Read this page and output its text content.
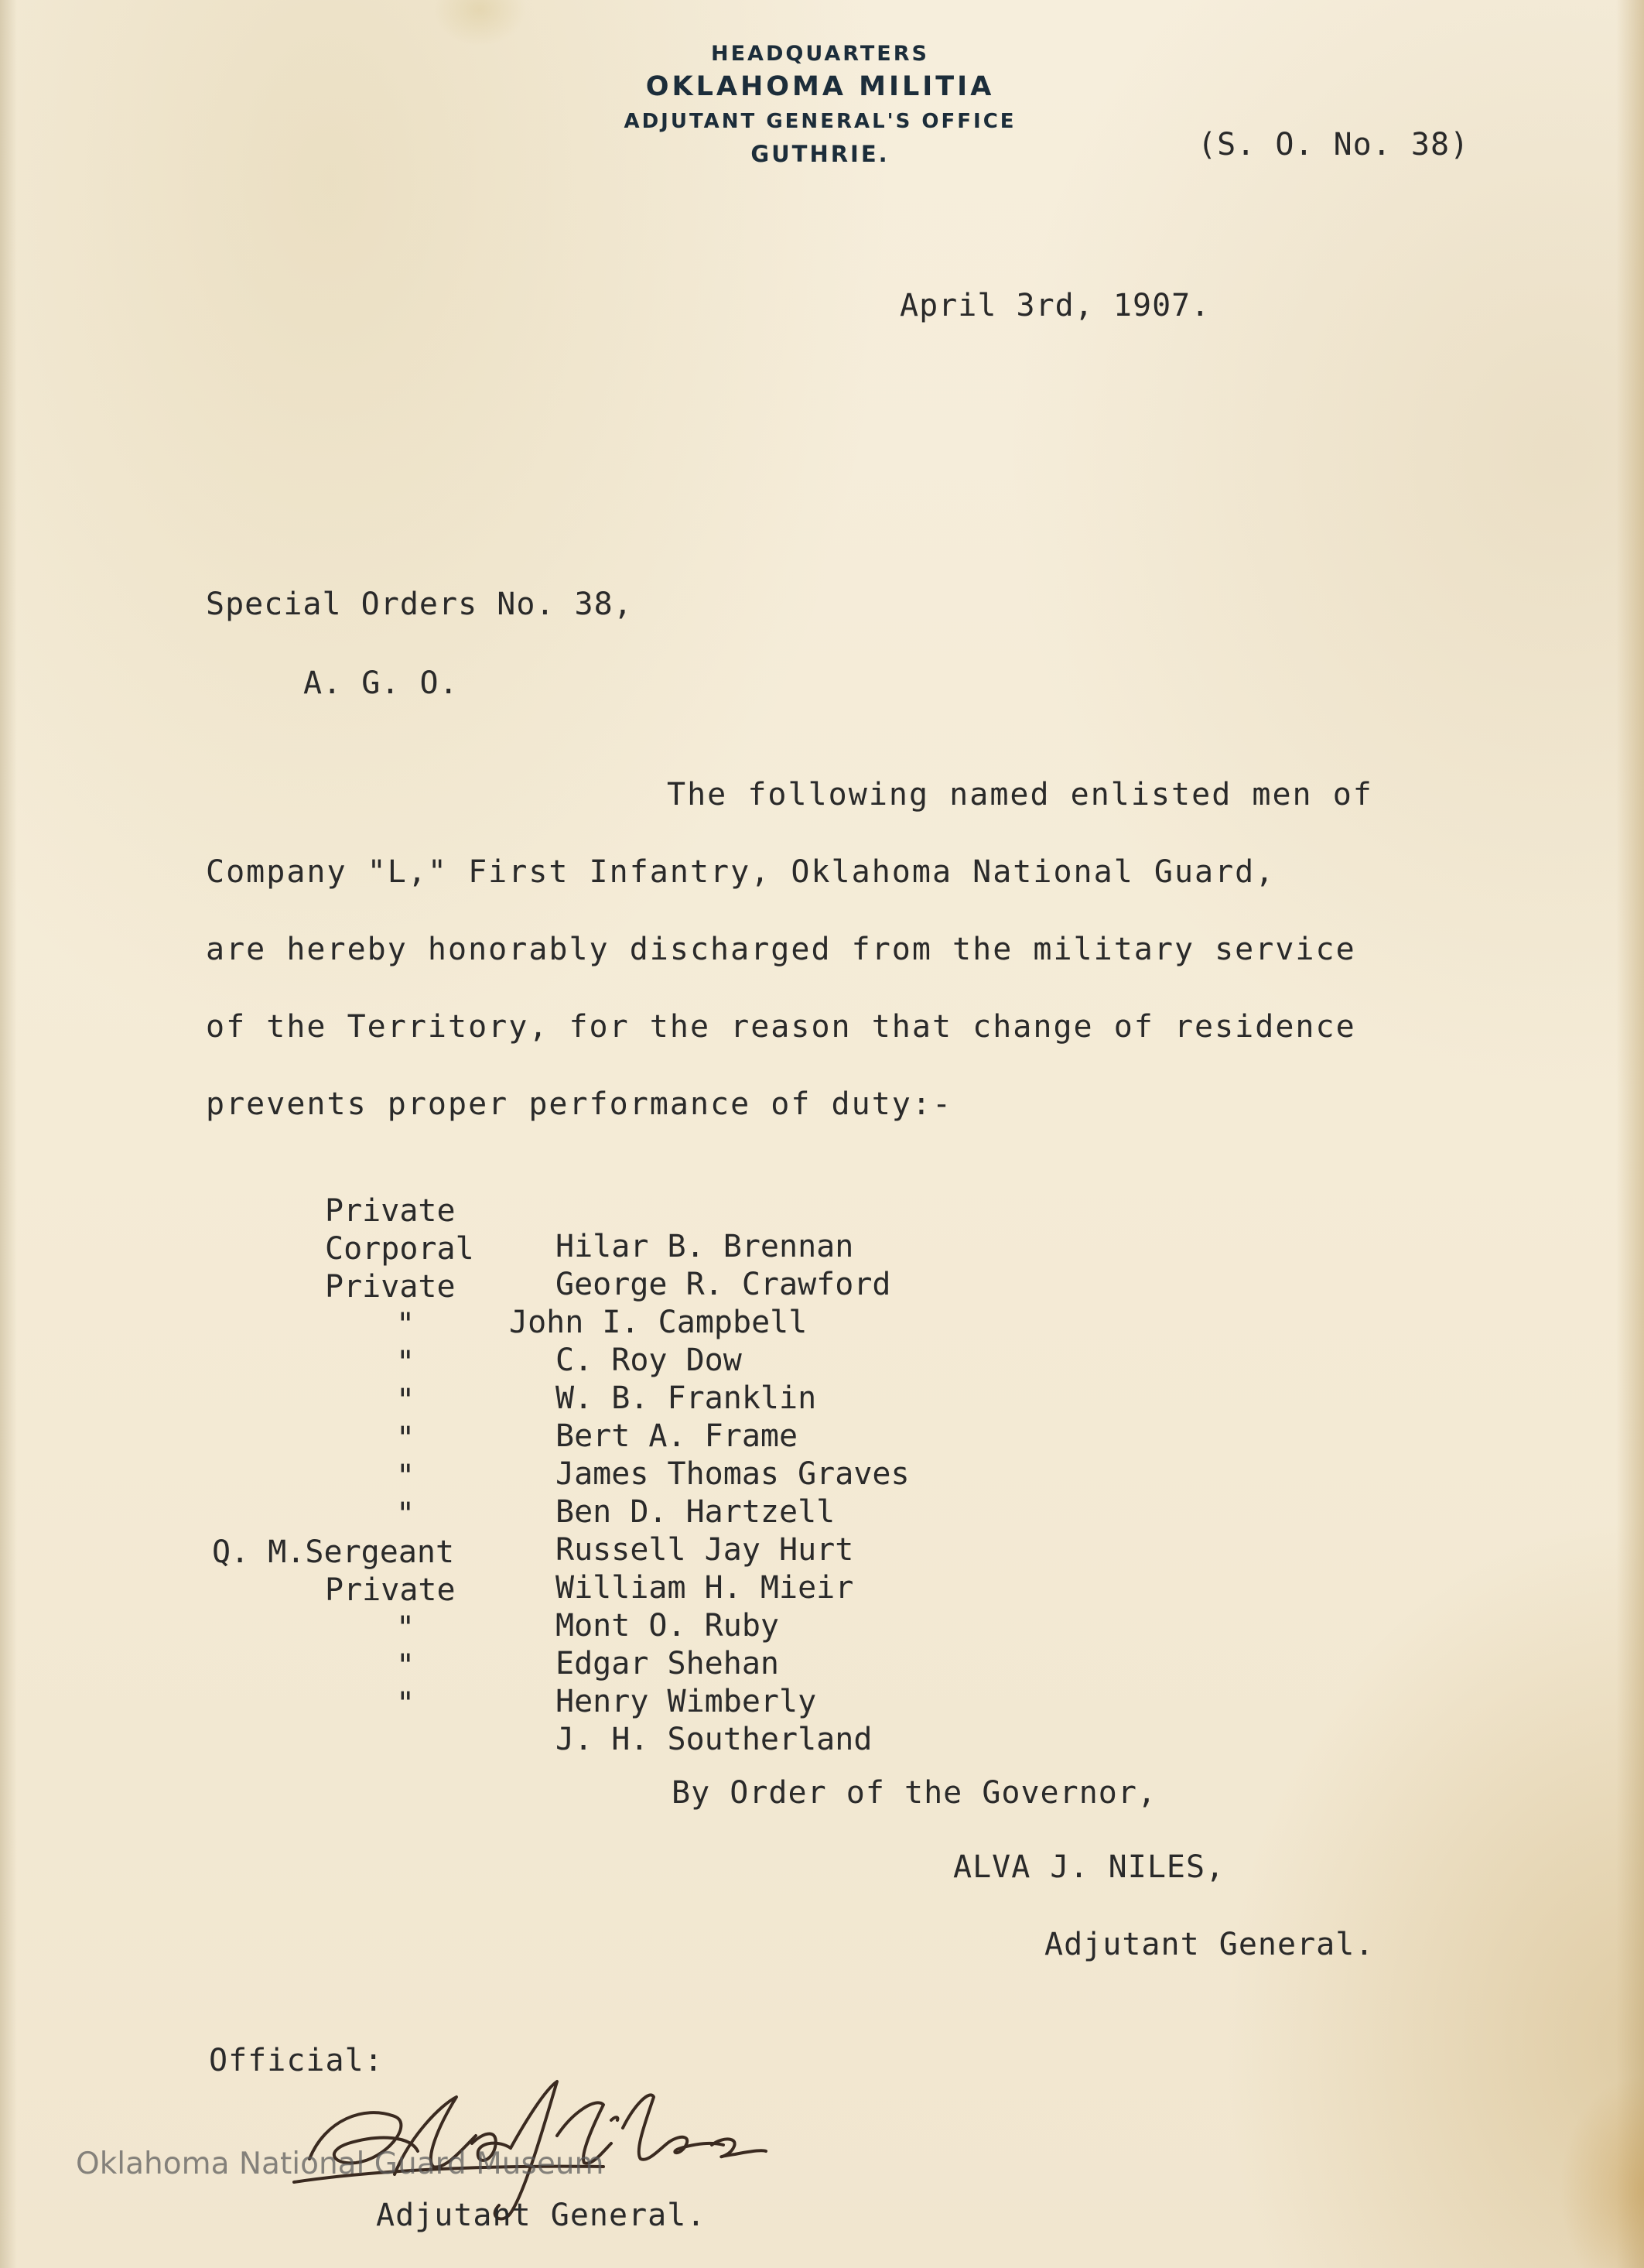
HEADQUARTERS
OKLAHOMA MILITIA
ADJUTANT GENERAL'S OFFICE
GUTHRIE.	(S. O. No. 38)
April 3rd, 1907.
Special Orders No. 38,
A. G. O.
The following named enlisted men of
Company "L," First Infantry, Oklahoma National Guard,
are hereby honorably discharged from the military service
of the Territory, for the reason that change of residence
prevents proper performance of duty:-

Private

Hilar B. Brennan

Corporal

George R. Crawford

Private

John I. Campbell

"

C. Roy Dow

"

W. B. Franklin

"

Bert A. Frame

"

James Thomas Graves

"

Ben D. Hartzell

"

Russell Jay Hurt

Q. M.Sergeant

William H. Mieir

Private

Mont O. Ruby

"

Edgar Shehan

"

Henry Wimberly

"

J. H. Southerland

By Order of the Governor,
ALVA J. NILES,
Adjutant General.
Official:
Adjutant General.
Oklahoma National Guard Museum
